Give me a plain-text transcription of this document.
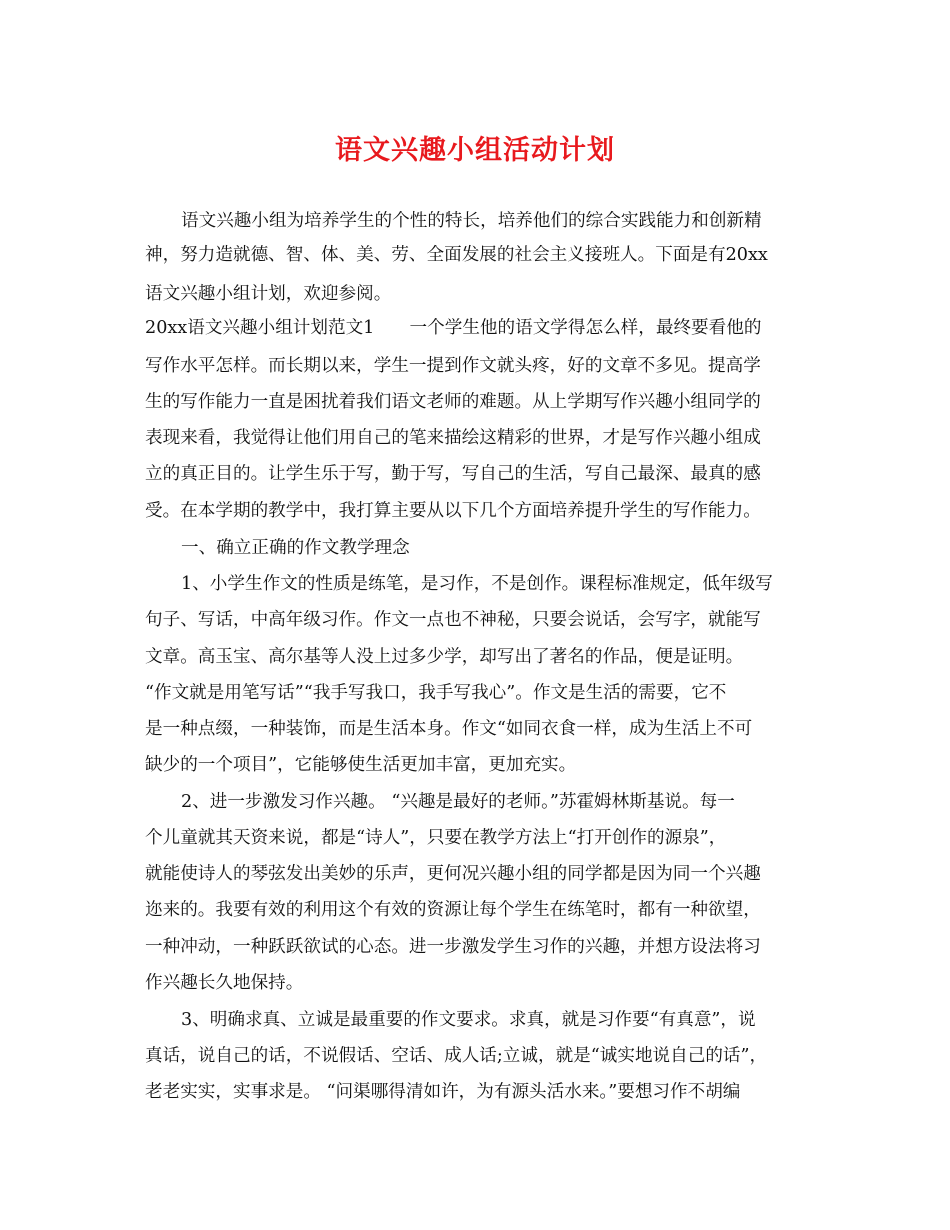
语文兴趣小组活动计划
语文兴趣小组为培养学生的个性的特长，培养他们的综合实践能力和创新精
神，努力造就德、智、体、美、劳、全面发展的社会主义接班人。下面是有20xx
语文兴趣小组计划，欢迎参阅。
20xx语文兴趣小组计划范文1　　一个学生他的语文学得怎么样，最终要看他的
写作水平怎样。而长期以来，学生一提到作文就头疼，好的文章不多见。提高学
生的写作能力一直是困扰着我们语文老师的难题。从上学期写作兴趣小组同学的
表现来看，我觉得让他们用自己的笔来描绘这精彩的世界，才是写作兴趣小组成
立的真正目的。让学生乐于写，勤于写，写自己的生活，写自己最深、最真的感
受。在本学期的教学中，我打算主要从以下几个方面培养提升学生的写作能力。
一、确立正确的作文教学理念
1、小学生作文的性质是练笔，是习作，不是创作。课程标准规定，低年级写
句子、写话，中高年级习作。作文一点也不神秘，只要会说话，会写字，就能写
文章。高玉宝、高尔基等人没上过多少学，却写出了著名的作品，便是证明。
“作文就是用笔写话”“我手写我口，我手写我心”。作文是生活的需要，它不
是一种点缀，一种装饰，而是生活本身。作文“如同衣食一样，成为生活上不可
缺少的一个项目”，它能够使生活更加丰富，更加充实。
2、进一步激发习作兴趣。 “兴趣是最好的老师。”苏霍姆林斯基说。每一
个儿童就其天资来说，都是“诗人”，只要在教学方法上“打开创作的源泉”，
就能使诗人的琴弦发出美妙的乐声，更何况兴趣小组的同学都是因为同一个兴趣
迩来的。我要有效的利用这个有效的资源让每个学生在练笔时，都有一种欲望，
一种冲动，一种跃跃欲试的心态。进一步激发学生习作的兴趣，并想方设法将习
作兴趣长久地保持。
3、明确求真、立诚是最重要的作文要求。求真，就是习作要“有真意”，说
真话，说自己的话，不说假话、空话、成人话;立诚，就是“诚实地说自己的话”，
老老实实，实事求是。 “问渠哪得清如许，为有源头活水来。”要想习作不胡编
